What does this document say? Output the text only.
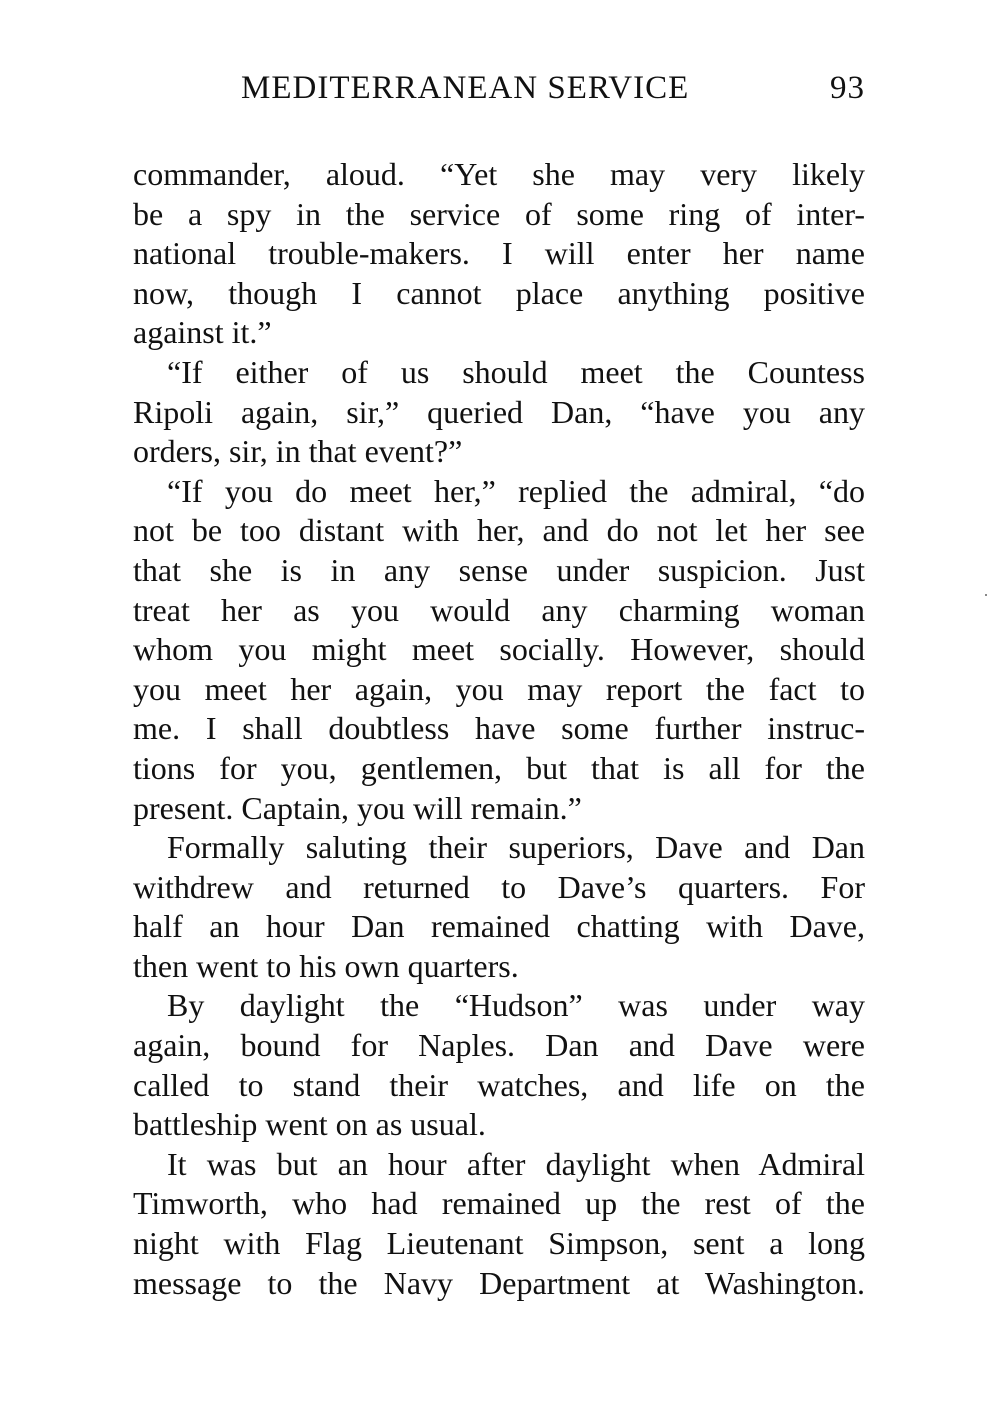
MEDITERRANEAN SERVICE	93
commander, aloud. “Yet she may very likely
be a spy in the service of some ring of inter-
national trouble-makers. I will enter her name
now, though I cannot place anything positive
against it.”
“If either of us should meet the Countess
Ripoli again, sir,” queried Dan, “have you any
orders, sir, in that event?”
“If you do meet her,” replied the admiral, “do
not be too distant with her, and do not let her see
that she is in any sense under suspicion. Just
treat her as you would any charming woman
whom you might meet socially. However, should
you meet her again, you may report the fact to
me. I shall doubtless have some further instruc-
tions for you, gentlemen, but that is all for the
present. Captain, you will remain.”
Formally saluting their superiors, Dave and Dan
withdrew and returned to Dave’s quarters. For
half an hour Dan remained chatting with Dave,
then went to his own quarters.
By daylight the “Hudson” was under way
again, bound for Naples. Dan and Dave were
called to stand their watches, and life on the
battleship went on as usual.
It was but an hour after daylight when Admiral
Timworth, who had remained up the rest of the
night with Flag Lieutenant Simpson, sent a long
message to the Navy Department at Washington.
